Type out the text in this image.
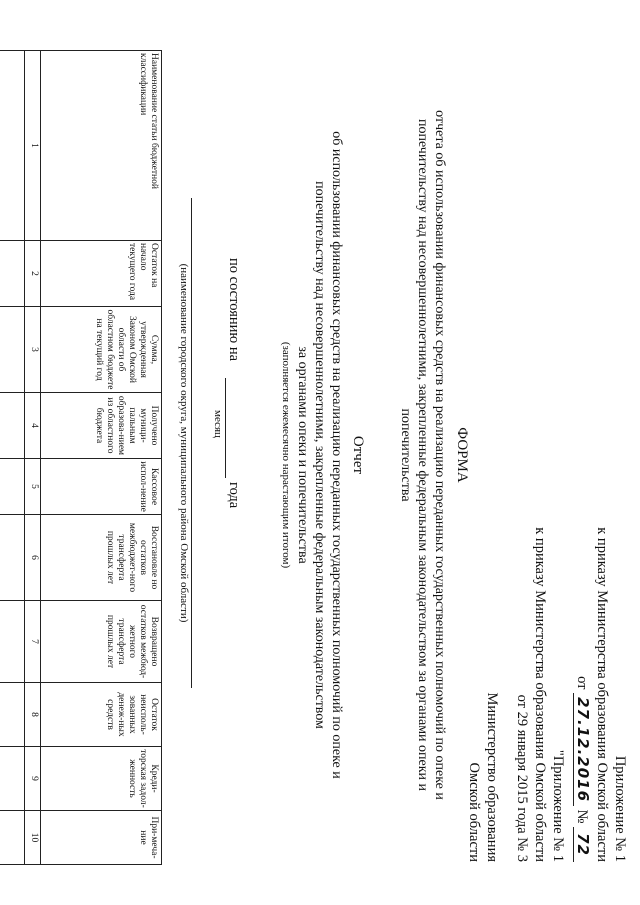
Приложение № 1
к приказу Министерства образования Омской области
от 27.12.2016 № 72
"Приложение № 1
к приказу Министерства образования Омской области
от 29 января 2015 года № 3
Министерство образования
Омской области
ФОРМА
отчета об использовании финансовых средств на реализацию переданных государственных полномочий по опеке и
попечительству над несовершеннолетними, закрепленные федеральным законодательством за органами опеки и
попечительства
Отчет
об использовании финансовых средств на реализацию переданных государственных полномочий по опеке и
попечительству над несовершеннолетними, закрепленные федеральным законодательством
за органами опеки и попечительства
(заполняется ежемесячно нарастающим итогом)
по состоянию на
года
месяц
(наименование городского округа, муниципального района Омской области)
Наименование статьи бюджетной классификации	Остаток на начало текущего года	Сумма, утвержденная Законом Омской области об областном бюджете на текущий год	Получено муници-пальным образова-нием из областного бюджета	Кассовое испол-нение	Восстановле но остатков межбюджет-ного трансферта прошлых лет	Возвращено остатков межбюд-жетного трансферта прошлых лет	Остаток неисполь-зованных денеж-ных средств	Креди-торская задол-женность	При-меча-ние
1	2	3	4	5	6	7	8	9	10
